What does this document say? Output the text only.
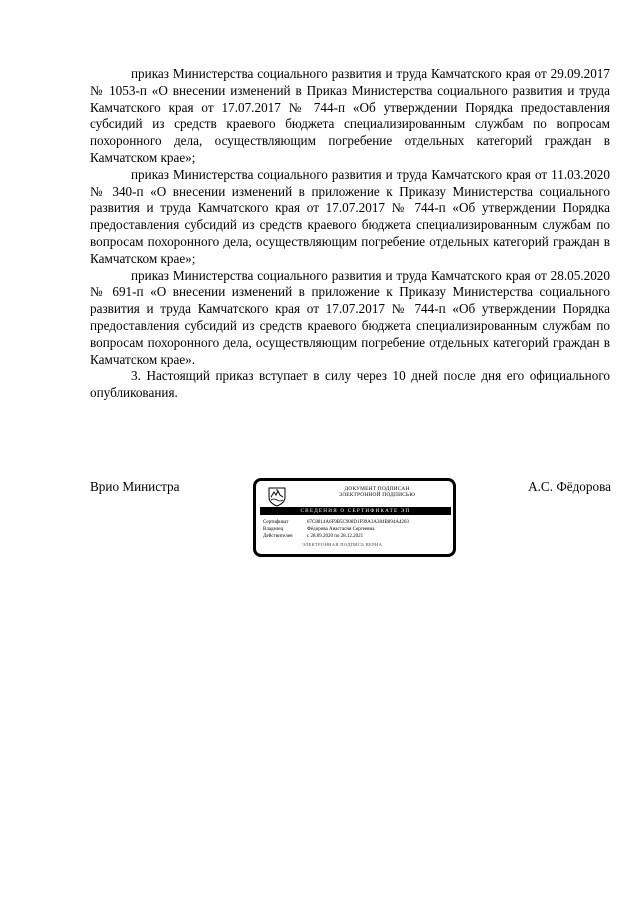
приказ Министерства социального развития и труда Камчатского края от 29.09.2017 № 1053-п «О внесении изменений в Приказ Министерства социального развития и труда Камчатского края от 17.07.2017 № 744-п «Об утверждении Порядка предоставления субсидий из средств краевого бюджета специализированным службам по вопросам похоронного дела, осуществляющим погребение отдельных категорий граждан в Камчатском крае»;

приказ Министерства социального развития и труда Камчатского края от 11.03.2020 № 340-п «О внесении изменений в приложение к Приказу Министерства социального развития и труда Камчатского края от 17.07.2017 № 744-п «Об утверждении Порядка предоставления субсидий из средств краевого бюджета специализированным службам по вопросам похоронного дела, осуществляющим погребение отдельных категорий граждан в Камчатском крае»;

приказ Министерства социального развития и труда Камчатского края от 28.05.2020 № 691-п «О внесении изменений в приложение к Приказу Министерства социального развития и труда Камчатского края от 17.07.2017 № 744-п «Об утверждении Порядка предоставления субсидий из средств краевого бюджета специализированным службам по вопросам похоронного дела, осуществляющим погребение отдельных категорий граждан в Камчатском крае».

3. Настоящий приказ вступает в силу через 10 дней после дня его официального опубликования.

Врио Министра	А.С. Фёдорова
ДОКУМЕНТ ПОДПИСАН
ЭЛЕКТРОННОЙ ПОДПИСЬЮ
СВЕДЕНИЯ О СЕРТИФИКАТЕ ЭП
Сертификат	67C8814A6F9B5C908D1F99A3A384B894A4203
Владелец	Фёдорова Анастасия Сергеевна
Действителен	с 28.09.2020 по 28.12.2021
ЭЛЕКТРОННАЯ ПОДПИСЬ ВЕРНА
